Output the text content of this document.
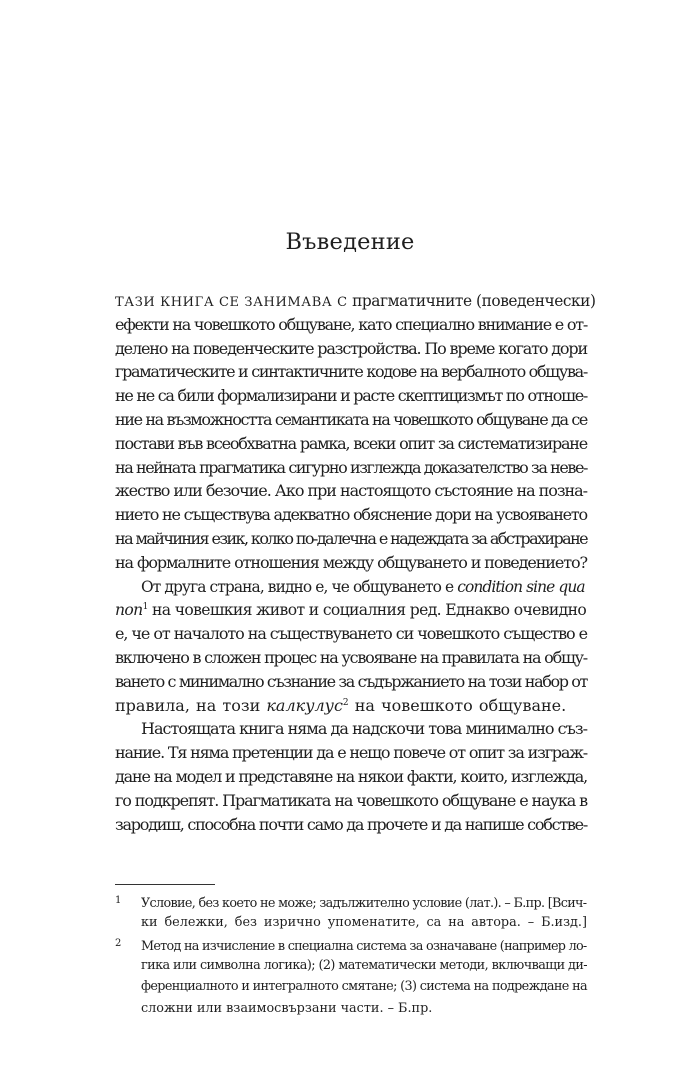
Въведение
ТАЗИ КНИГА СЕ ЗАНИМАВА С прагматичните (поведенчески)
ефекти на човешкото общуване, като специално внимание е от-
делено на поведенческите разстройства. По време когато дори
граматическите и синтактичните кодове на вербалното общува-
не не са били формализирани и расте скептицизмът по отноше-
ние на възможността семантиката на човешкото общуване да се
постави във всеобхватна рамка, всеки опит за систематизиране
на нейната прагматика сигурно изглежда доказателство за неве-
жество или безочие. Ако при настоящото състояние на позна-
нието не съществува адекватно обяснение дори на усвояването
на майчиния език, колко по-далечна е надеждата за абстрахиране
на формалните отношения между общуването и поведението?
От друга страна, видно е, че общуването е condition sine qua
non$^1$ на човешкия живот и социалния ред. Еднакво очевидно
е, че от началото на съществуването си човешкото същество е
включено в сложен процес на усвояване на правилата на общу-
ването с минимално съзнание за съдържанието на този набор от
правила, на този калкулус$^2$ на човешкото общуване.
Настоящата книга няма да надскочи това минимално съз-
нание. Тя няма претенции да е нещо повече от опит за изграж-
дане на модел и представяне на някои факти, които, изглежда,
го подкрепят. Прагматиката на човешкото общуване е наука в
зародиш, способна почти само да прочете и да напише собстве-
1 Условие, без което не може; задължително условие (лат.). – Б.пр. [Всич-
ки бележки, без изрично упоменатите, са на автора. – Б.изд.]
2 Метод на изчисление в специална система за означаване (например ло-
гика или символна логика); (2) математически методи, включващи ди-
ференциалното и интегралното смятане; (3) система на подреждане на
сложни или взаимосвързани части. – Б.пр.
